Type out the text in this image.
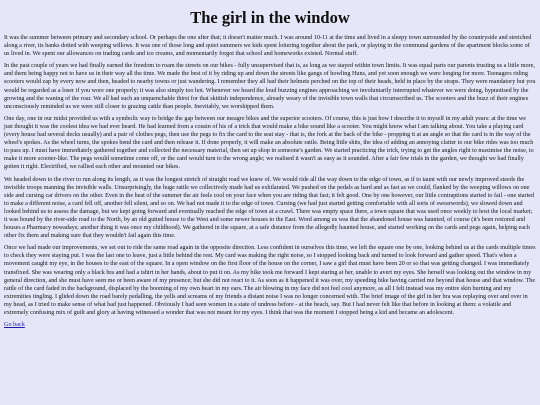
The girl in the window

It was the summer between primary and secondary school. Or perhaps the one after that; it doesn't matter much. I was around 10-11 at the time and lived in a sleepy town surrounded by the countryside and stretched along a river, its banks dotted with weeping willows. It was one of those long and quiet summers we kids spent loitering together about the park, or playing in the communal gardens of the apartment blocks some of us lived in. We spent our allowances on trading cards and ice creams, and momentarily forgot that school and homeworks existed. Normal stuff.

In the past couple of years we had finally earned the freedom to roam the streets on our bikes - fully unsupervised that is, as long as we stayed within town limits. It was equal parts our parents trusting us a little more, and them being happy not to have us in their way all the time. We made the best of it by riding up and down the streets like gangs of howling Huns, and yet soon enough we were longing for more. Teenagers riding scooters would zap by every now and then, headed to nearby towns or just wandering. I remember they all had their helmets perched on the top of their heads, held in place by the straps. They were mandatory but you would be regarded as a loser if you wore one properly; it was also simply too hot. Whenever we heard the loud buzzing engines approaching we involuntarily interrupted whatever we were doing, hypnotised by the growing and the waning of the roar. We all had such an unquenchable thirst for that skittish independence, already weary of the invisible town walls that circumscribed us. The scooters and the buzz of their engines unconsciously reminded us we were still closer to grazing cattle than people. Inevitably, we worshipped them.

One day, one in our midst provided us with a symbolic way to bridge the gap between our meagre bikes and the superior scooters. Of course, this is just how I describe it to myself in my adult years: at the time we just thought it was the coolest idea we had ever heard. He had learned from a cousin of his of a trick that would make a bike sound like a scooter. You might know what I am talking about. You take a playing card (every house had several decks usually) and a pair of clothes pegs, then use the pegs to fix the card to the seat stay - that is, the fork at the back of the bike - propping it at an angle so that the card is in the way of the wheel's spokes. As the wheel turns, the spokes bend the card and then release it. If done properly, it will make an absolute rattle. Being little shits, the idea of adding an annoying clatter to our bike rides was too much to pass up. I must have immediately gathered together and collected the necessary material, then set up shop in someone's garden. We started practicing the trick, trying to get the angles right to maximise the noise, to make it more scooter-like. The pegs would sometime come off, or the card would turn to the wrong angle; we realised it wasn't as easy as it sounded. After a fair few trials in the garden, we thought we had finally gotten it right. Electrified, we rallied each other and mounted our bikes.

We headed down to the river to run along its length, as it was the longest stretch of straight road we knew of. We would ride all the way down to the edge of town, as if to taunt with our newly improved steeds the invisible troops manning the invisible walls. Unsurprisingly, the huge rattle we collectively made had us exhilarated. We pushed on the pedals as hard and as fast as we could, flanked by the weeping willows on one side and cursing car drivers on the other. Even in the heat of the summer the air feels cool on your face when you are riding that fast; it felt good. One by one however, our little contraptions started to fail - one started to make a different noise, a card fell off, another fell silent, and so on. We had not made it to the edge of town. Cursing (we had just started getting comfortable with all sorts of swearwords), we slowed down and looked behind us to assess the damage, but we kept going forward and eventually reached the edge of town at a crawl. There was empty space there, a town square that was used once weekly to host the local market; it was bound by the river-side road to the North, by an old gutted house to the West and some newer houses to the East. Word among us was that the abandoned house was haunted, of course (it's been restored and houses a Pharmacy nowadays; another thing it was once my childhood). We gathered in the square, at a safe distance from the allegedly haunted house, and started working on the cards and pegs again, helping each other fix them and making sure that they wouldn't fail again this time.

Once we had made our improvements, we set out to ride the same road again in the opposite direction. Less confident in ourselves this time, we left the square one by one, looking behind us at the cards multiple times to check they were staying put. I was the last one to leave, just a little behind the rest. My card was making the right noise, so I stopped looking back and turned to look forward and gather speed. That's when a movement caught my eye, in the houses to the east of the square. In a open window on the first floor of the house on the corner, I saw a girl that must have been 20 or so that was getting changed. I was immediately transfixed. She was wearing only a black bra and had a tshirt in her hands, about to put it on. As my bike took me forward I kept staring at her, unable to avert my eyes. She herself was looking out the window in my general direction, and she must have seen me or been aware of my presence; but she did not react to it. As soon as it happened it was over, my speeding bike having carried me beyond that house and that window. The rattle of the card faded in the background, displaced by the booming of my own heart in my ears. The air blowing in my face did not feel cool anymore, as all I felt instead was my entire skin burning and my extremities tingling. I glided down the road barely pedalling, the yells and screams of my friends a distant noise I was no longer concerned with. The brief image of the girl in her bra was replaying over and over in my head, as I tried to make sense of what had just happened. Obviously I had seen women in a state of undress before - at the beach, say. But I had never felt like that before in looking at them: a volatile and extremely confusing mix of guilt and glory at having witnessed a wonder that was not meant for my eyes. I think that was the moment I stopped being a kid and became an adolescent.

Go back
